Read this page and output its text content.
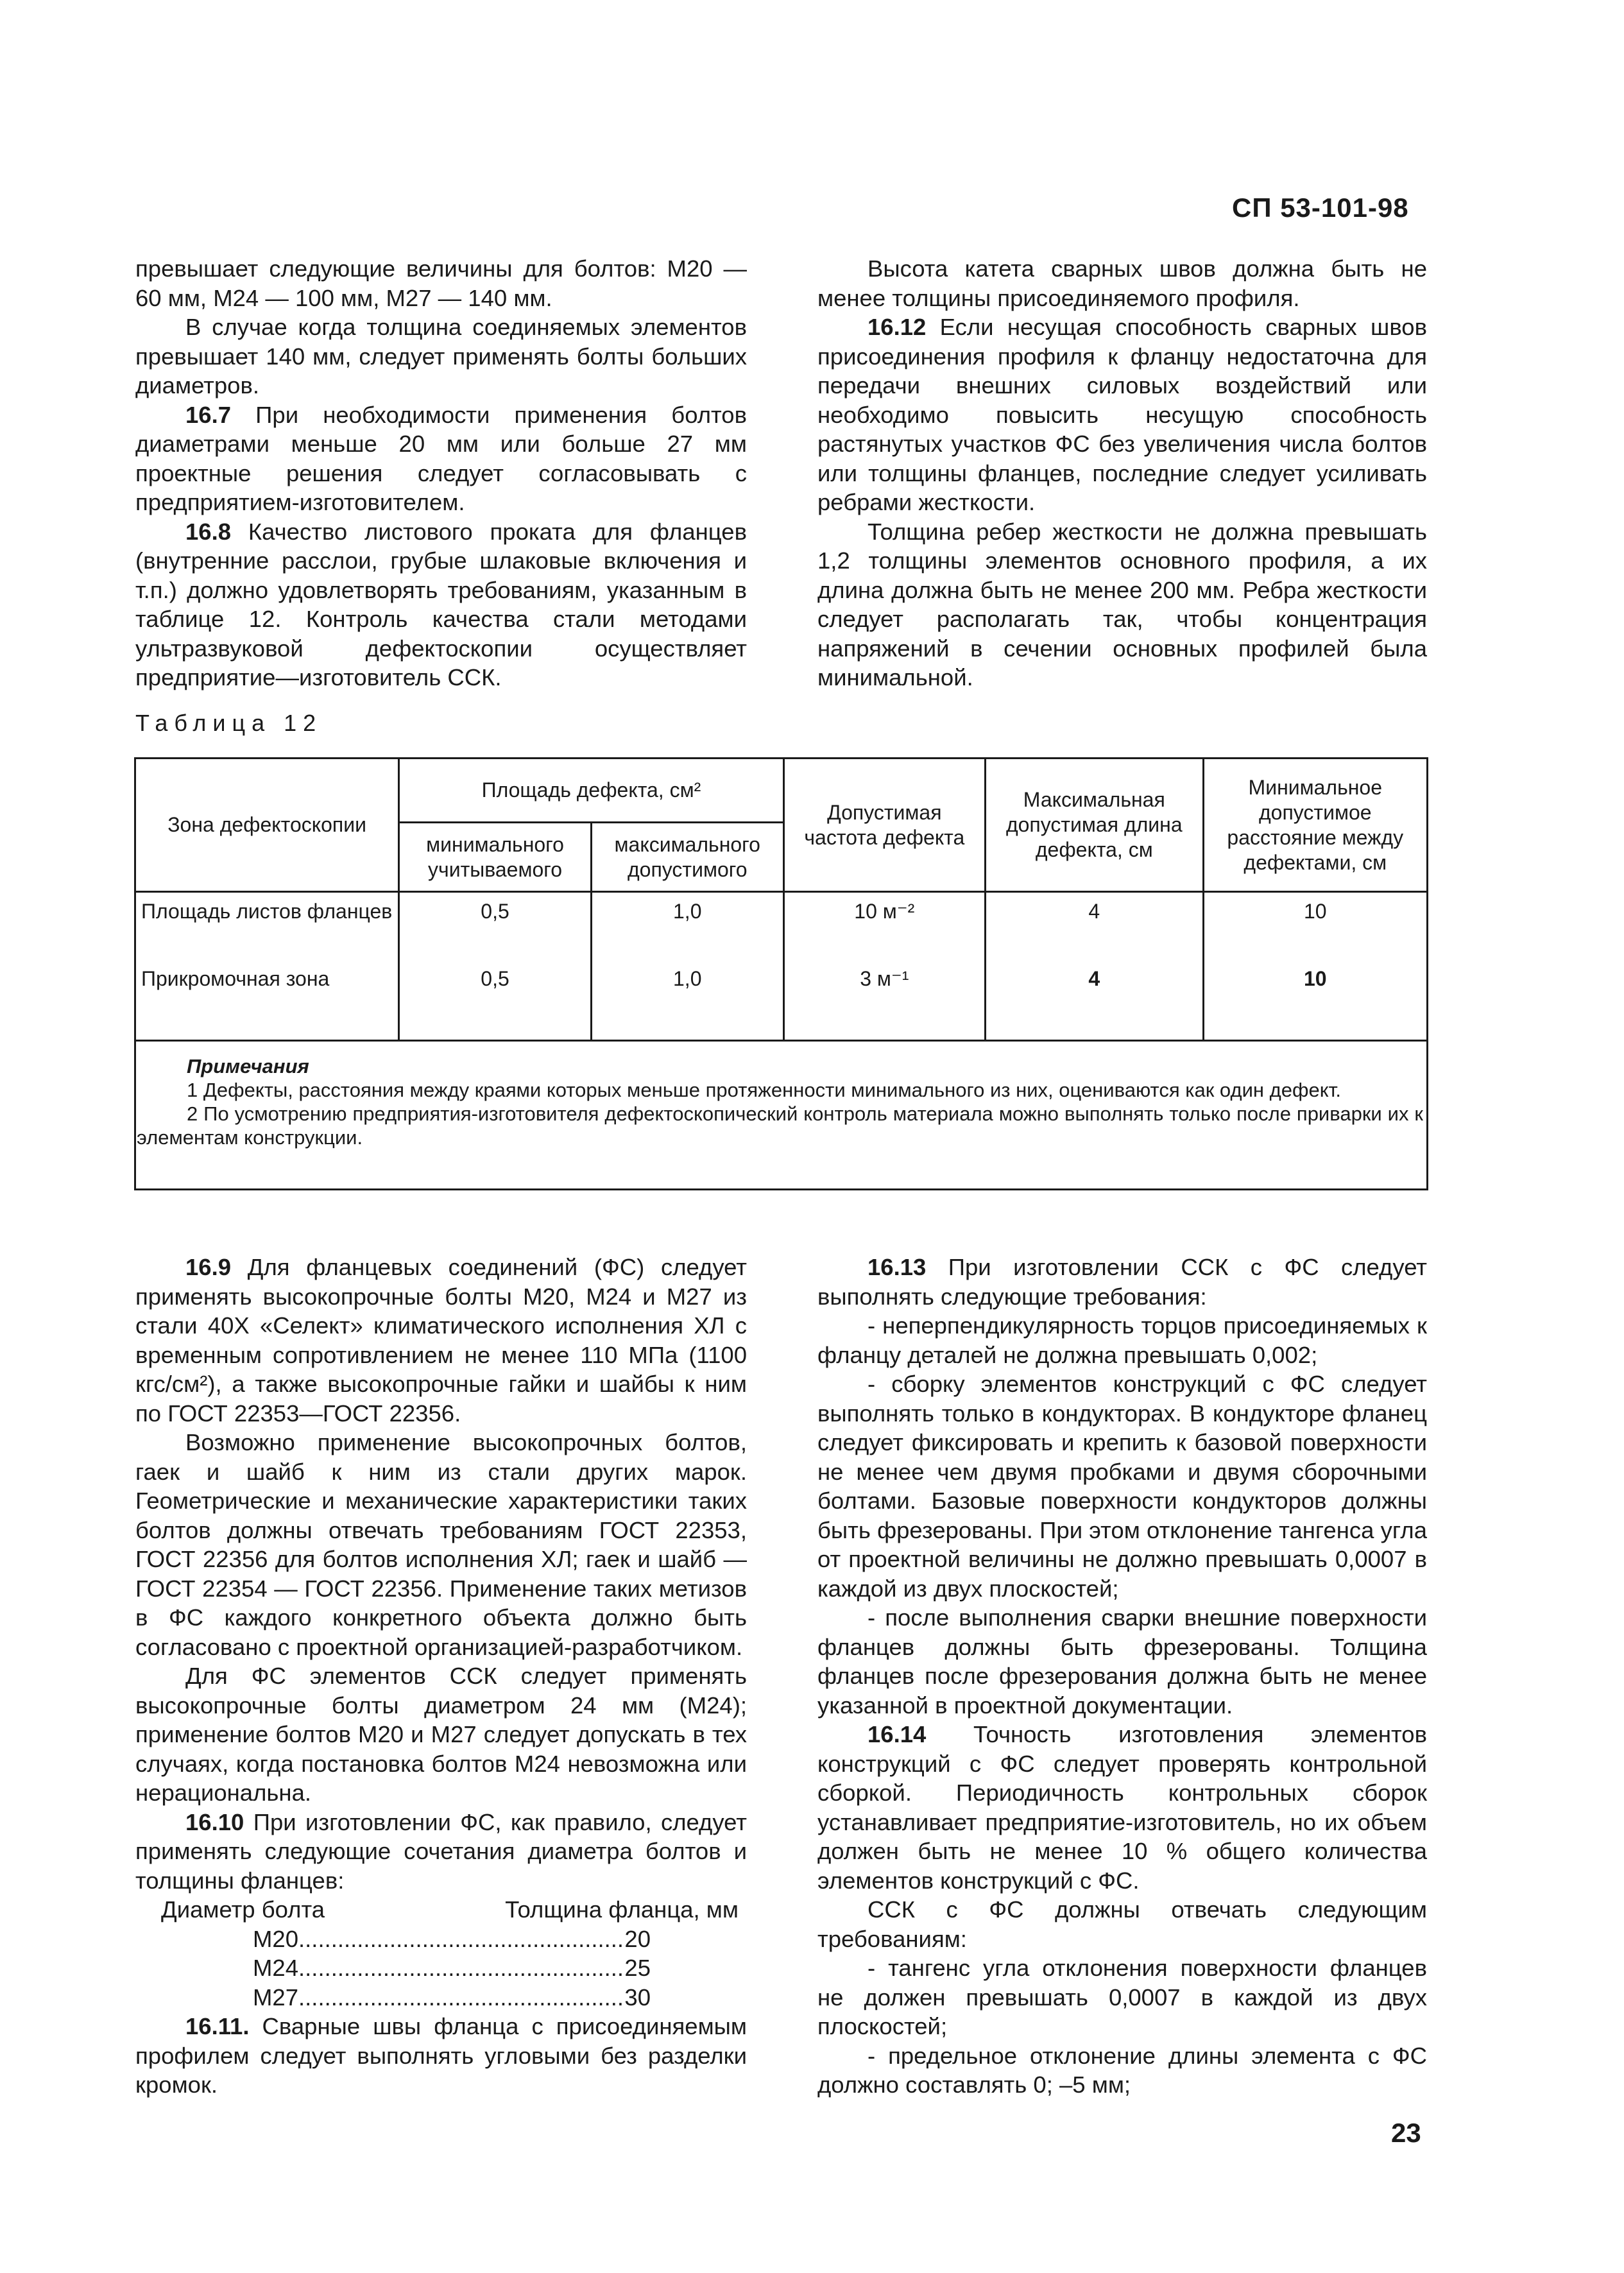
СП 53-101-98

превышает следующие величины для болтов: М20 — 60 мм, М24 — 100 мм, М27 — 140 мм.

В случае когда толщина соединяемых элементов превышает 140 мм, следует применять болты больших диаметров.

16.7 При необходимости применения болтов диаметрами меньше 20 мм или больше 27 мм проектные решения следует согласовывать с предприятием-изготовителем.

16.8 Качество листового проката для фланцев (внутренние расслои, грубые шлаковые включения и т.п.) должно удовлетворять требованиям, указанным в таблице 12. Контроль качества стали методами ультразвуковой дефектоскопии осуществляет предприятие—изготовитель ССК.

Высота катета сварных швов должна быть не менее толщины присоединяемого профиля.

16.12 Если несущая способность сварных швов присоединения профиля к фланцу недостаточна для передачи внешних силовых воздействий или необходимо повысить несущую способность растянутых участков ФС без увеличения числа болтов или толщины фланцев, последние следует усиливать ребрами жесткости.

Толщина ребер жесткости не должна превышать 1,2 толщины элементов основного профиля, а их длина должна быть не менее 200 мм. Ребра жесткости следует располагать так, чтобы концентрация напряжений в сечении основных профилей была минимальной.

Таблица 12
Зона дефектоскопии	Площадь дефекта, см²		Допустимая частота дефекта	Максимальная допустимая длина дефекта, см	Минимальное допустимое расстояние между дефектами, см
	минимального учитываемого	максимального допустимого			
Площадь листов фланцев	0,5	1,0	10 м⁻²	4	10
Прикромочная зона	0,5	1,0	3 м⁻¹	4	10

Примечания

1 Дефекты, расстояния между краями которых меньше протяженности минимального из них, оцениваются как один дефект.

2 По усмотрению предприятия-изготовителя дефектоскопический контроль материала можно выполнять только после приварки их к элементам конструкции.

16.9 Для фланцевых соединений (ФС) следует применять высокопрочные болты М20, М24 и М27 из стали 40Х «Селект» климатического исполнения ХЛ с временным сопротивлением не менее 110 МПа (1100 кгс/см²), а также высокопрочные гайки и шайбы к ним по ГОСТ 22353—ГОСТ 22356.

Возможно применение высокопрочных болтов, гаек и шайб к ним из стали других марок. Геометрические и механические характеристики таких болтов должны отвечать требованиям ГОСТ 22353, ГОСТ 22356 для болтов исполнения ХЛ; гаек и шайб — ГОСТ 22354 — ГОСТ 22356. Применение таких метизов в ФС каждого конкретного объекта должно быть согласовано с проектной организацией-разработчиком.

Для ФС элементов ССК следует применять высокопрочные болты диаметром 24 мм (М24); применение болтов М20 и М27 следует допускать в тех случаях, когда постановка болтов М24 невозможна или нерациональна.

16.10 При изготовлении ФС, как правило, следует применять следующие сочетания диаметра болтов и толщины фланцев:

Диаметр болта	Толщина фланца, мм
М20 .....	20
М24 .....	25
М27 .....	30

16.11. Сварные швы фланца с присоединяемым профилем следует выполнять угловыми без разделки кромок.

16.13 При изготовлении ССК с ФС следует выполнять следующие требования:

- неперпендикулярность торцов присоединяемых к фланцу деталей не должна превышать 0,002;

- сборку элементов конструкций с ФС следует выполнять только в кондукторах. В кондукторе фланец следует фиксировать и крепить к базовой поверхности не менее чем двумя пробками и двумя сборочными болтами. Базовые поверхности кондукторов должны быть фрезерованы. При этом отклонение тангенса угла от проектной величины не должно превышать 0,0007 в каждой из двух плоскостей;

- после выполнения сварки внешние поверхности фланцев должны быть фрезерованы. Толщина фланцев после фрезерования должна быть не менее указанной в проектной документации.

16.14 Точность изготовления элементов конструкций с ФС следует проверять контрольной сборкой. Периодичность контрольных сборок устанавливает предприятие-изготовитель, но их объем должен быть не менее 10 % общего количества элементов конструкций с ФС.

ССК с ФС должны отвечать следующим требованиям:

- тангенс угла отклонения поверхности фланцев не должен превышать 0,0007 в каждой из двух плоскостей;

- предельное отклонение длины элемента с ФС должно составлять 0; –5 мм;

23
